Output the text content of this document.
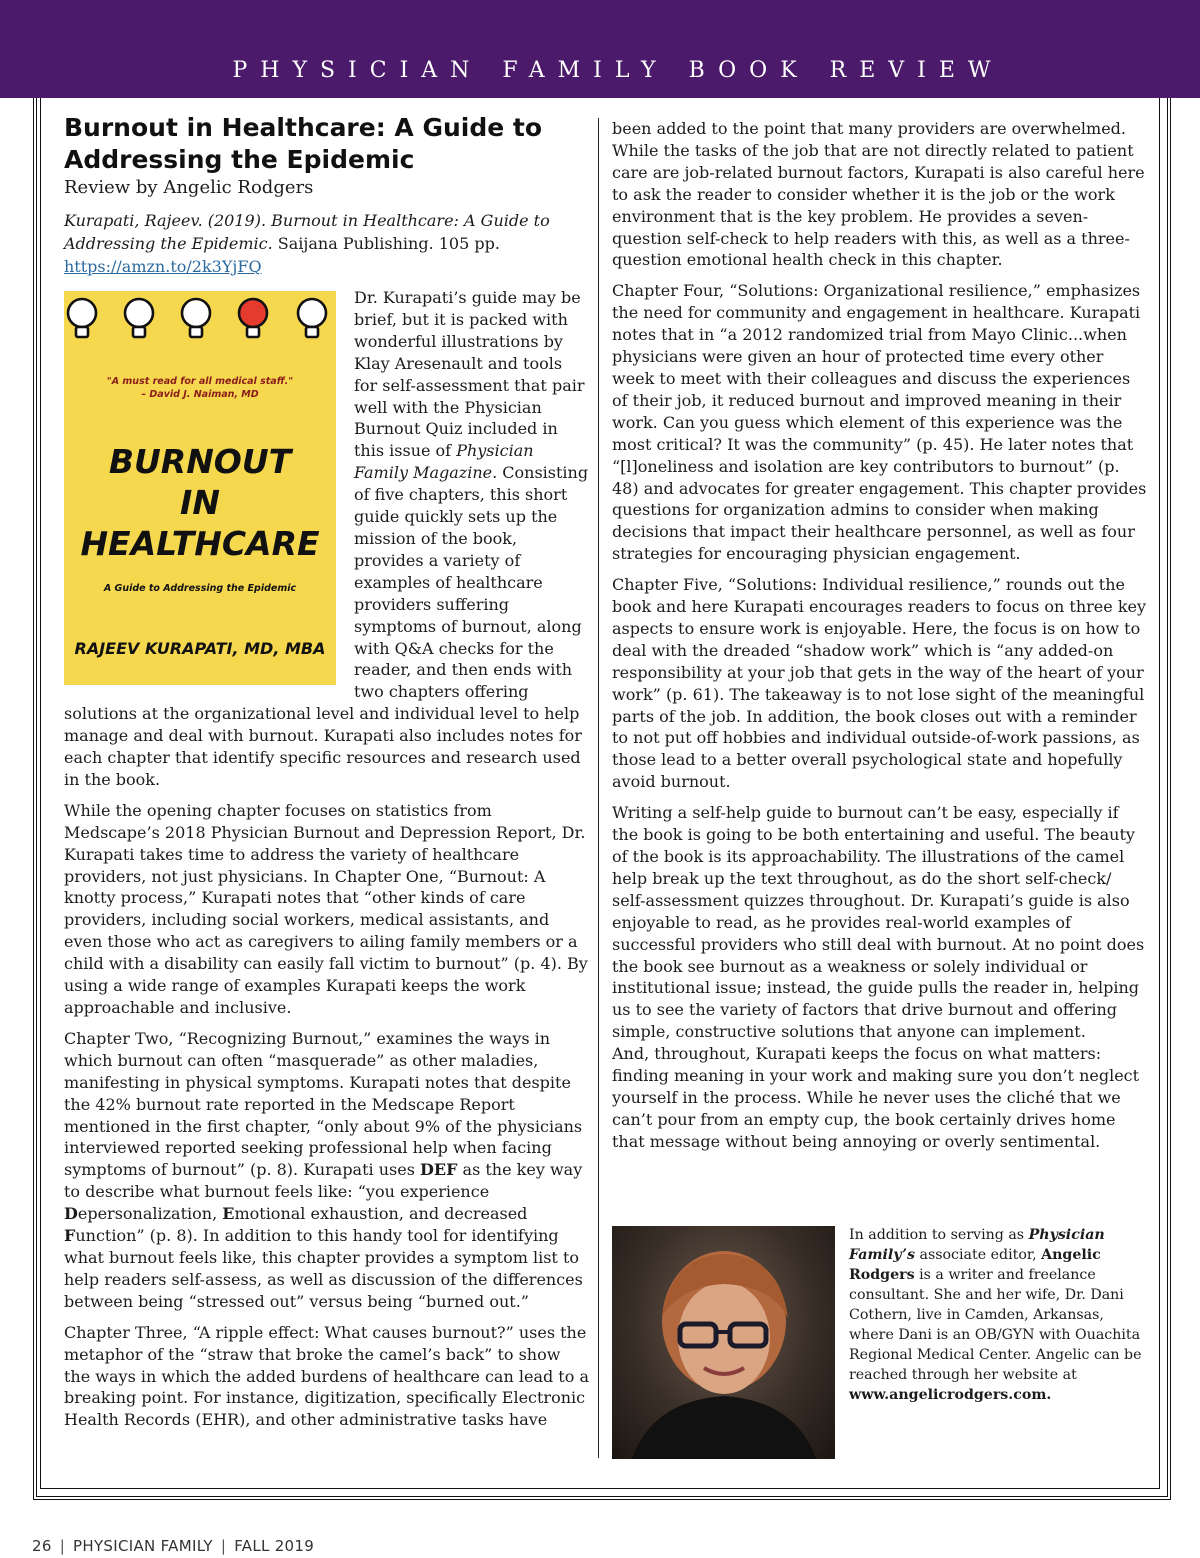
PHYSICIAN FAMILY BOOK REVIEW
Burnout in Healthcare: A Guide to Addressing the Epidemic

Review by Angelic Rodgers

Kurapati, Rajeev. (2019). Burnout in Healthcare: A Guide to Addressing the Epidemic. Saijana Publishing. 105 pp.
https://amzn.to/2k3YjFQ

"A must read for all medical staff."
– David J. Naiman, MD
BURNOUT
IN
HEALTHCARE
A Guide to Addressing the Epidemic
RAJEEV KURAPATI, MD, MBA

Dr. Kurapati’s guide may be brief, but it is packed with wonderful illustrations by Klay Aresenault and tools for self-assessment that pair well with the Physician Burnout Quiz included in this issue of Physician Family Magazine. Consisting of five chapters, this short guide quickly sets up the mission of the book, provides a variety of examples of healthcare providers suffering symptoms of burnout, along with Q&A checks for the reader, and then ends with two chapters offering solutions at the organizational level and individual level to help manage and deal with burnout. Kurapati also includes notes for each chapter that identify specific resources and research used in the book.

While the opening chapter focuses on statistics from Medscape’s 2018 Physician Burnout and Depression Report, Dr. Kurapati takes time to address the variety of healthcare providers, not just physicians. In Chapter One, “Burnout: A knotty process,” Kurapati notes that “other kinds of care providers, including social workers, medical assistants, and even those who act as caregivers to ailing family members or a child with a disability can easily fall victim to burnout” (p. 4). By using a wide range of examples Kurapati keeps the work approachable and inclusive.

Chapter Two, “Recognizing Burnout,” examines the ways in which burnout can often “masquerade” as other maladies, manifesting in physical symptoms. Kurapati notes that despite the 42% burnout rate reported in the Medscape Report mentioned in the first chapter, “only about 9% of the physicians interviewed reported seeking professional help when facing symptoms of burnout” (p. 8). Kurapati uses DEF as the key way to describe what burnout feels like: “you experience Depersonalization, Emotional exhaustion, and decreased Function” (p. 8). In addition to this handy tool for identifying what burnout feels like, this chapter provides a symptom list to help readers self-assess, as well as discussion of the differences between being “stressed out” versus being “burned out.”

Chapter Three, “A ripple effect: What causes burnout?” uses the metaphor of the “straw that broke the camel’s back” to show the ways in which the added burdens of healthcare can lead to a breaking point. For instance, digitization, specifically Electronic Health Records (EHR), and other administrative tasks have

been added to the point that many providers are overwhelmed. While the tasks of the job that are not directly related to patient care are job-related burnout factors, Kurapati is also careful here to ask the reader to consider whether it is the job or the work environment that is the key problem. He provides a seven-question self-check to help readers with this, as well as a three-question emotional health check in this chapter.

Chapter Four, “Solutions: Organizational resilience,” emphasizes the need for community and engagement in healthcare. Kurapati notes that in “a 2012 randomized trial from Mayo Clinic...when physicians were given an hour of protected time every other week to meet with their colleagues and discuss the experiences of their job, it reduced burnout and improved meaning in their work. Can you guess which element of this experience was the most critical? It was the community” (p. 45). He later notes that “[l]oneliness and isolation are key contributors to burnout” (p. 48) and advocates for greater engagement. This chapter provides questions for organization admins to consider when making decisions that impact their healthcare personnel, as well as four strategies for encouraging physician engagement.

Chapter Five, “Solutions: Individual resilience,” rounds out the book and here Kurapati encourages readers to focus on three key aspects to ensure work is enjoyable. Here, the focus is on how to deal with the dreaded “shadow work” which is “any added-on responsibility at your job that gets in the way of the heart of your work” (p. 61). The takeaway is to not lose sight of the meaningful parts of the job. In addition, the book closes out with a reminder to not put off hobbies and individual outside-of-work passions, as those lead to a better overall psychological state and hopefully avoid burnout.

Writing a self-help guide to burnout can’t be easy, especially if the book is going to be both entertaining and useful. The beauty of the book is its approachability. The illustrations of the camel help break up the text throughout, as do the short self-check/ self-assessment quizzes throughout. Dr. Kurapati’s guide is also enjoyable to read, as he provides real-world examples of successful providers who still deal with burnout. At no point does the book see burnout as a weakness or solely individual or institutional issue; instead, the guide pulls the reader in, helping us to see the variety of factors that drive burnout and offering simple, constructive solutions that anyone can implement.

And, throughout, Kurapati keeps the focus on what matters: finding meaning in your work and making sure you don’t neglect yourself in the process. While he never uses the cliché that we can’t pour from an empty cup, the book certainly drives home that message without being annoying or overly sentimental.

In addition to serving as Physician Family’s associate editor, Angelic Rodgers is a writer and freelance consultant. She and her wife, Dr. Dani Cothern, live in Camden, Arkansas, where Dani is an OB/GYN with Ouachita Regional Medical Center. Angelic can be reached through her website at www.angelicrodgers.com.
26 | PHYSICIAN FAMILY | FALL 2019
